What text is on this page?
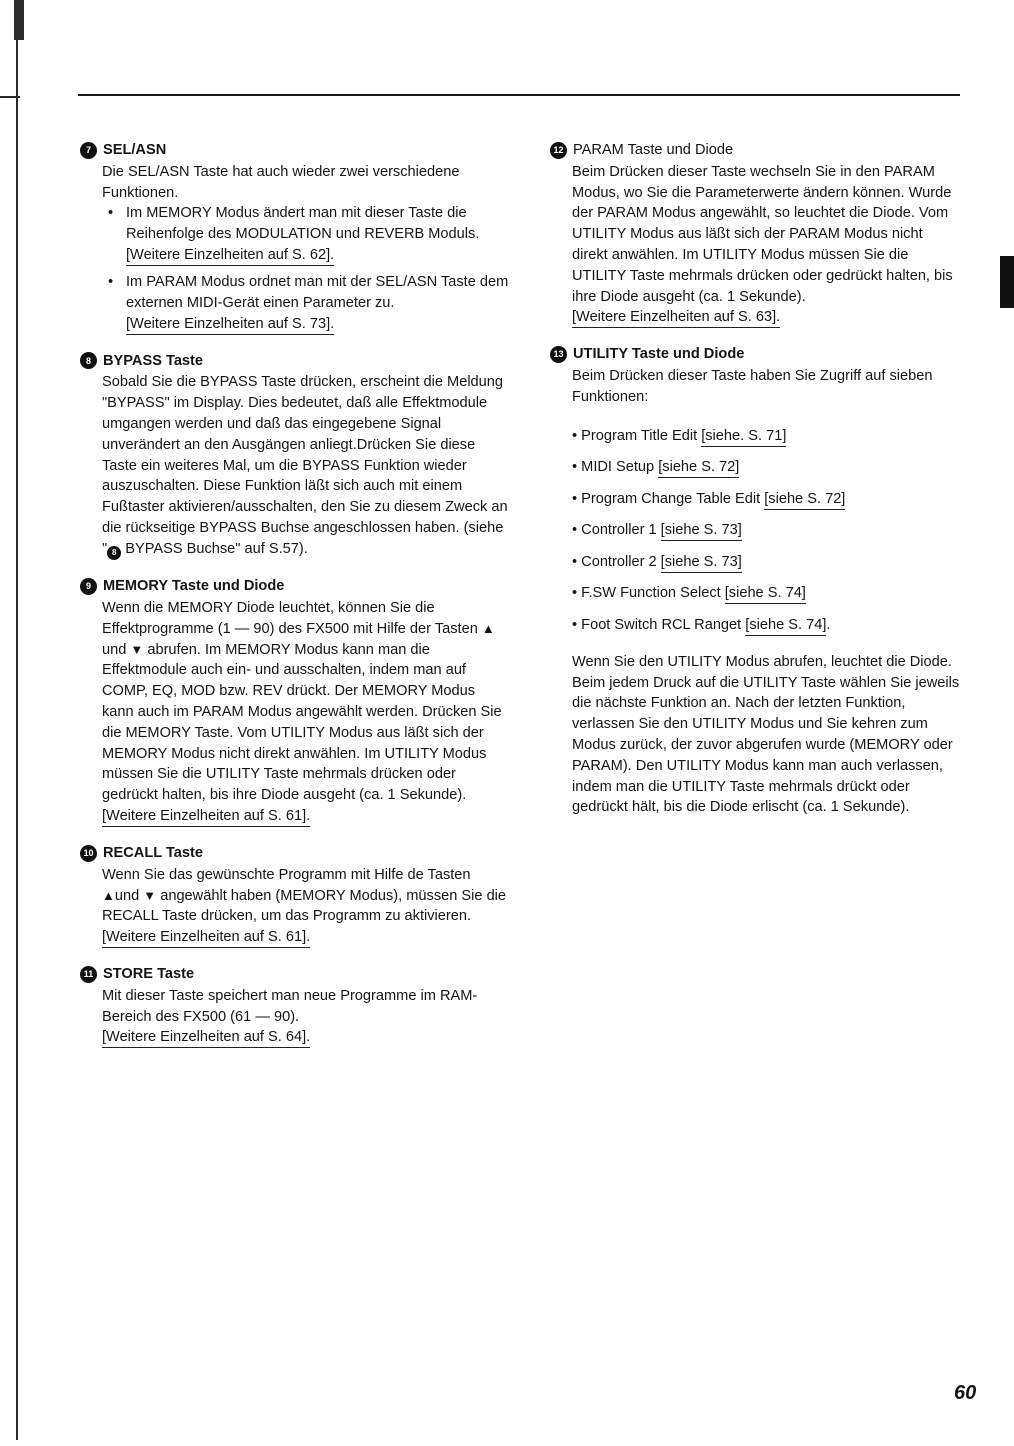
7 SEL/ASN

Die SEL/ASN Taste hat auch wieder zwei verschiedene Funktionen.

• Im MEMORY Modus ändert man mit dieser Taste die Reihenfolge des MODULATION und REVERB Moduls.
[Weitere Einzelheiten auf S. 62].
• Im PARAM Modus ordnet man mit der SEL/ASN Taste dem externen MIDI-Gerät einen Parameter zu.
[Weitere Einzelheiten auf S. 73].
8 BYPASS Taste

Sobald Sie die BYPASS Taste drücken, erscheint die Meldung "BYPASS" im Display. Dies bedeutet, daß alle Effektmodule umgangen werden und daß das eingegebene Signal unverändert an den Ausgängen anliegt.Drücken Sie diese Taste ein weiteres Mal, um die BYPASS Funktion wieder auszuschalten. Diese Funktion läßt sich auch mit einem Fußtaster aktivieren/ausschalten, den Sie zu diesem Zweck an die rückseitige BYPASS Buchse angeschlossen haben. (siehe " 8 BYPASS Buchse" auf S.57).

9 MEMORY Taste und Diode

Wenn die MEMORY Diode leuchtet, können Sie die Effektprogramme (1 — 90) des FX500 mit Hilfe der Tasten ▲ und ▼ abrufen. Im MEMORY Modus kann man die Effektmodule auch ein- und ausschalten, indem man auf COMP, EQ, MOD bzw. REV drückt. Der MEMORY Modus kann auch im PARAM Modus angewählt werden. Drücken Sie die MEMORY Taste. Vom UTILITY Modus aus läßt sich der MEMORY Modus nicht direkt anwählen. Im UTILITY Modus müssen Sie die UTILITY Taste mehrmals drücken oder gedrückt halten, bis ihre Diode ausgeht (ca. 1 Sekunde).

[Weitere Einzelheiten auf S. 61].
10 RECALL Taste

Wenn Sie das gewünschte Programm mit Hilfe de Tasten ▲und ▼ angewählt haben (MEMORY Modus), müssen Sie die RECALL Taste drücken, um das Programm zu aktivieren.

[Weitere Einzelheiten auf S. 61].
11 STORE Taste

Mit dieser Taste speichert man neue Programme im RAM-Bereich des FX500 (61 — 90).

[Weitere Einzelheiten auf S. 64].
12 PARAM Taste und Diode

Beim Drücken dieser Taste wechseln Sie in den PARAM Modus, wo Sie die Parameterwerte ändern können. Wurde der PARAM Modus angewählt, so leuchtet die Diode. Vom UTILITY Modus aus läßt sich der PARAM Modus nicht direkt anwählen. Im UTILITY Modus müssen Sie die UTILITY Taste mehrmals drücken oder gedrückt halten, bis ihre Diode ausgeht (ca. 1 Sekunde).

[Weitere Einzelheiten auf S. 63].
13 UTILITY Taste und Diode

Beim Drücken dieser Taste haben Sie Zugriff auf sieben Funktionen:

• Program Title Edit [siehe. S. 71]
• MIDI Setup [siehe S. 72]
• Program Change Table Edit [siehe S. 72]
• Controller 1 [siehe S. 73]
• Controller 2 [siehe S. 73]
• F.SW Function Select [siehe S. 74]
• Foot Switch RCL Ranget [siehe S. 74].

Wenn Sie den UTILITY Modus abrufen, leuchtet die Diode. Beim jedem Druck auf die UTILITY Taste wählen Sie jeweils die nächste Funktion an. Nach der letzten Funktion, verlassen Sie den UTILITY Modus und Sie kehren zum Modus zurück, der zuvor abgerufen wurde (MEMORY oder PARAM). Den UTILITY Modus kann man auch verlassen, indem man die UTILITY Taste mehrmals drückt oder gedrückt hält, bis die Diode erlischt (ca. 1 Sekunde).

60
